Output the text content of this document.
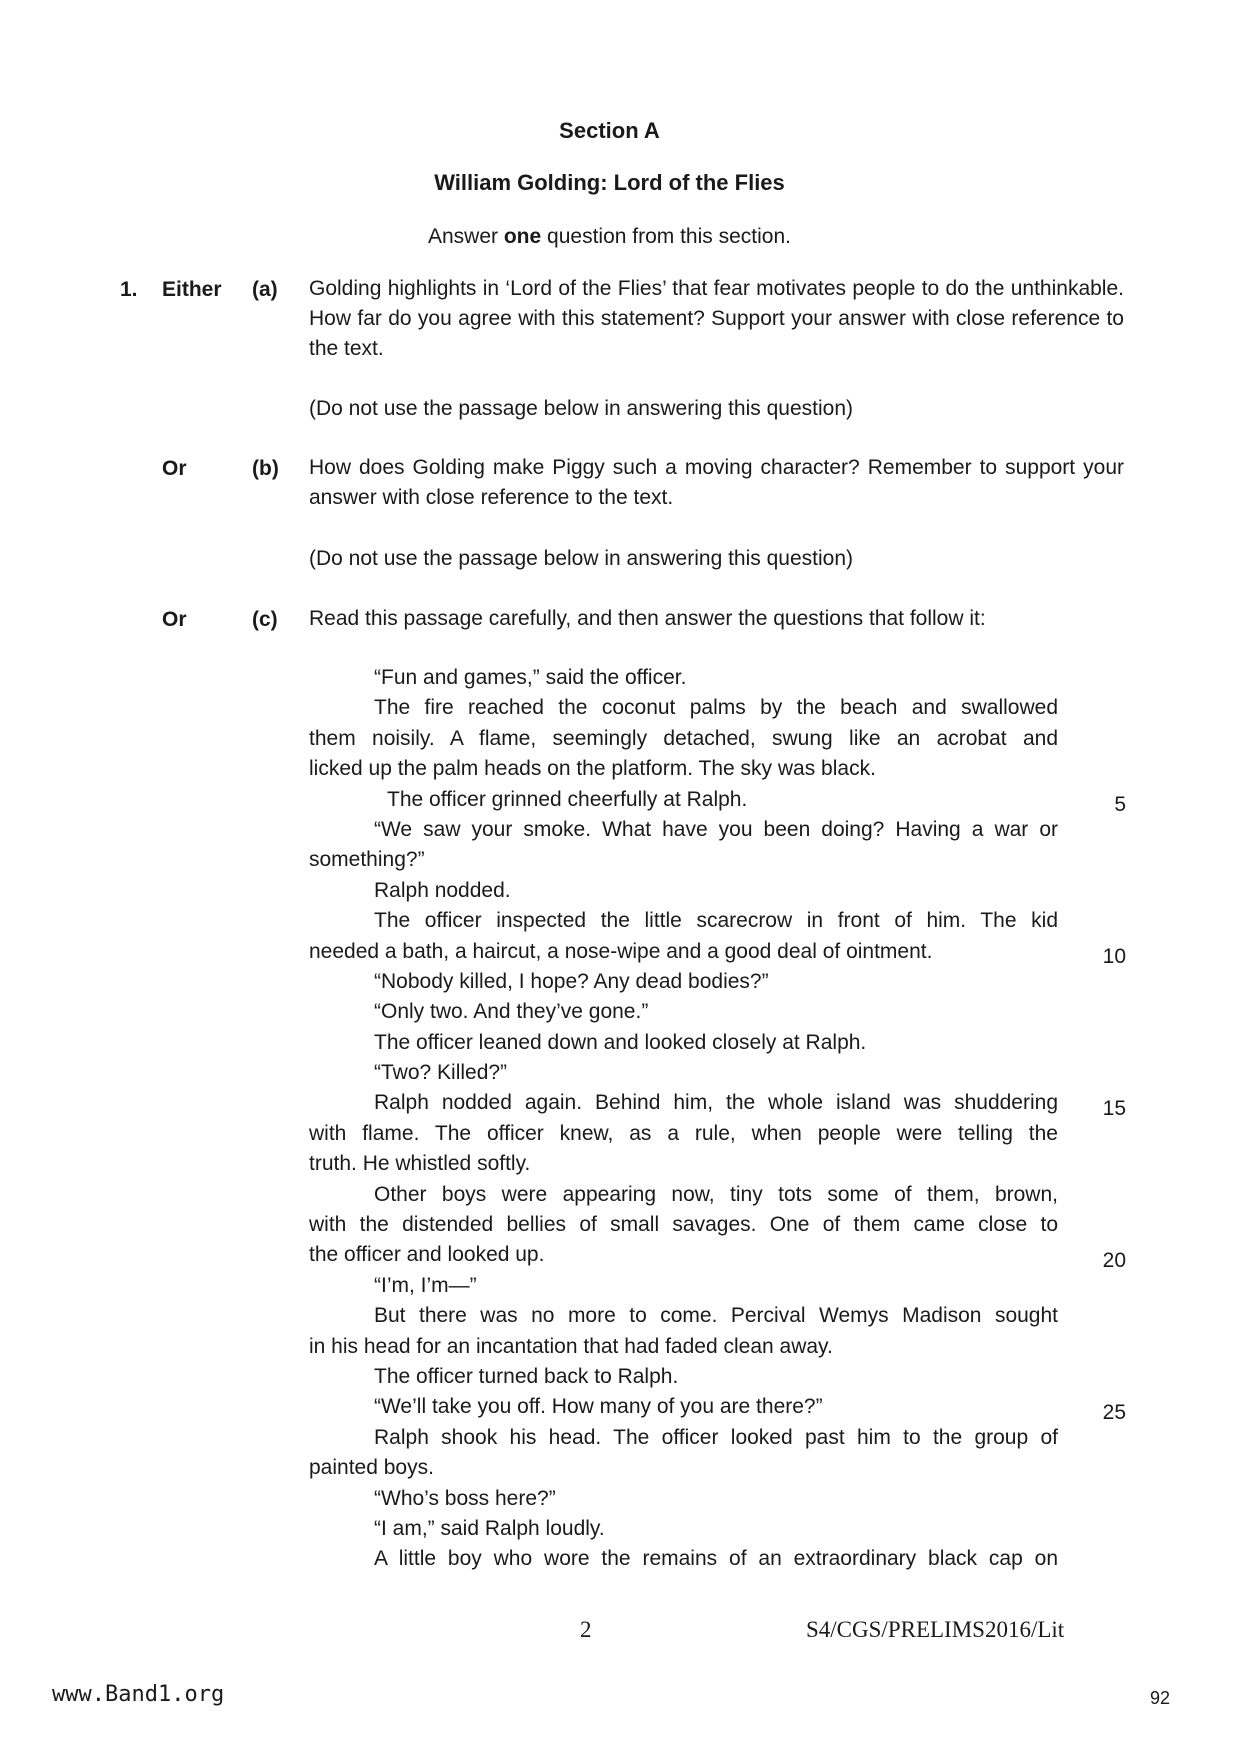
Section A
William Golding: Lord of the Flies
Answer one question from this section.
1. Either (a) Golding highlights in ‘Lord of the Flies’ that fear motivates people to do the unthinkable. How far do you agree with this statement? Support your answer with close reference to the text.
(Do not use the passage below in answering this question)
Or	(b) How does Golding make Piggy such a moving character? Remember to support your answer with close reference to the text.
(Do not use the passage below in answering this question)
Or	(c) Read this passage carefully, and then answer the questions that follow it:
“Fun and games,” said the officer.
The fire reached the coconut palms by the beach and swallowed
them noisily. A flame, seemingly detached, swung like an acrobat and
licked up the palm heads on the platform. The sky was black.
The officer grinned cheerfully at Ralph.
“We saw your smoke. What have you been doing? Having a war or
something?”
Ralph nodded.
The officer inspected the little scarecrow in front of him. The kid
needed a bath, a haircut, a nose-wipe and a good deal of ointment.
“Nobody killed, I hope? Any dead bodies?”
“Only two. And they’ve gone.”
The officer leaned down and looked closely at Ralph.
“Two? Killed?”
Ralph nodded again. Behind him, the whole island was shuddering
with flame. The officer knew, as a rule, when people were telling the
truth. He whistled softly.
Other boys were appearing now, tiny tots some of them, brown,
with the distended bellies of small savages. One of them came close to
the officer and looked up.
“I’m, I’m—”
But there was no more to come. Percival Wemys Madison sought
in his head for an incantation that had faded clean away.
The officer turned back to Ralph.
“We’ll take you off. How many of you are there?”
Ralph shook his head. The officer looked past him to the group of
painted boys.
“Who’s boss here?”
“I am,” said Ralph loudly.
A little boy who wore the remains of an extraordinary black cap on
5
10
15
20
25
2	S4/CGS/PRELIMS2016/Lit
www.Band1.org	92
